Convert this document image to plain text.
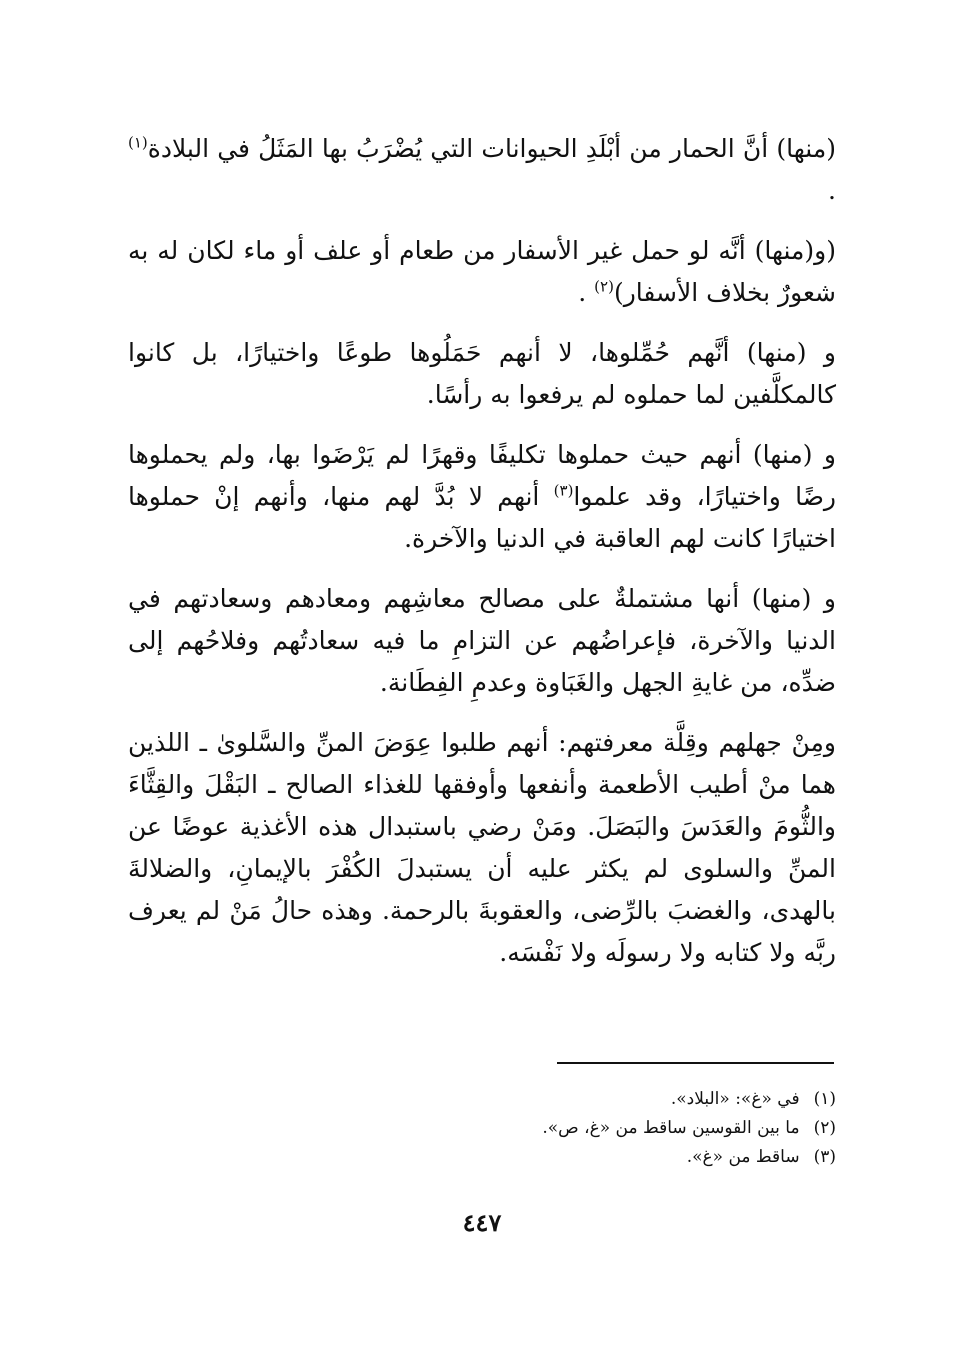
(منها) أنَّ الحمار من أبْلَدِ الحيوانات التي يُضْرَبُ بها المَثَلُ في البلادة$^{(١)}$ .

(و(منها) أنَّه لو حمل غير الأسفار من طعام أو علف أو ماء لكان له به شعورٌ بخلاف الأسفار)$^{(٢)}$ .

و (منها) أنَّهم حُمِّلوها، لا أنهم حَمَلُوها طوعًا واختيارًا، بل كانوا كالمكلَّفين لما حملوه لم يرفعوا به رأسًا.

و (منها) أنهم حيث حملوها تكليفًا وقهرًا لم يَرْضَوا بها، ولم يحملوها رضًا واختيارًا، وقد علموا$^{(٣)}$ أنهم لا بُدَّ لهم منها، وأنهم إنْ حملوها اختيارًا كانت لهم العاقبة في الدنيا والآخرة.

و (منها) أنها مشتملةٌ على مصالح معاشِهم ومعادهم وسعادتهم في الدنيا والآخرة، فإعراضُهم عن التزامِ ما فيه سعادتُهم وفلاحُهم إلى ضدِّه، من غايةِ الجهل والغَبَاوة وعدمِ الفِطَانة.

ومِنْ جهلهم وقِلَّة معرفتهم: أنهم طلبوا عِوَضَ المنِّ والسَّلوىٰ ـ اللذين هما منْ أطيب الأطعمة وأنفعها وأوفقها للغذاء الصالح ـ البَقْلَ والقِثَّاءَ والثُّومَ والعَدَسَ والبَصَلَ. ومَنْ رضي باستبدال هذه الأغذية عوضًا عن المنِّ والسلوى لم يكثر عليه أن يستبدلَ الكُفْرَ بالإيمانِ، والضلالةَ بالهدى، والغضبَ بالرِّضى، والعقوبةَ بالرحمة. وهذه حالُ مَنْ لم يعرف ربَّه ولا كتابه ولا رسولَه ولا نَفْسَه.

(١)في «غ»: «البلاد».
(٢)ما بين القوسين ساقط من «غ، ص».
(٣)ساقط من «غ».
٤٤٧
